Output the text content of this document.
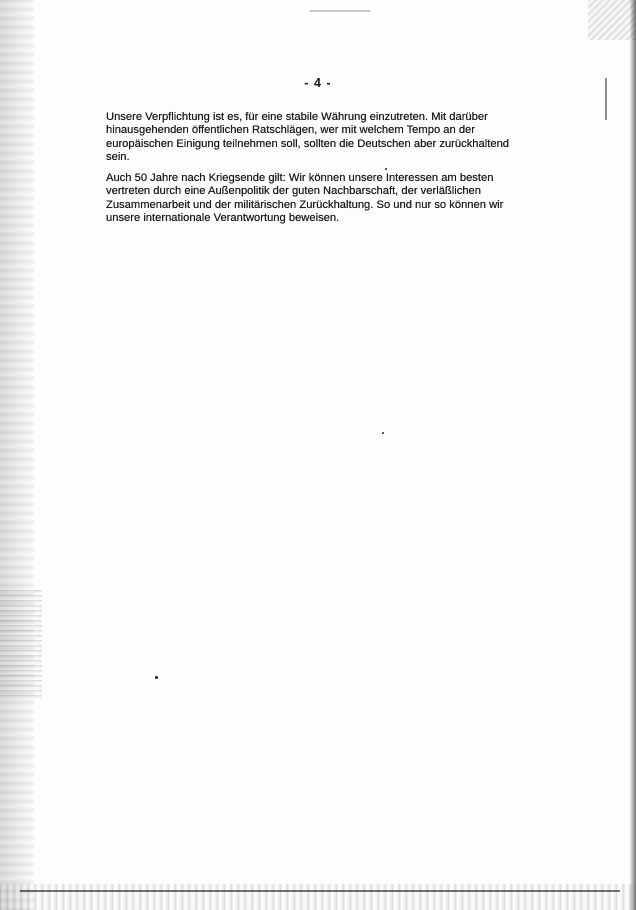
- 4 -
Unsere Verpflichtung ist es, für eine stabile Währung einzutreten. Mit darüber
hinausgehenden öffentlichen Ratschlägen, wer mit welchem Tempo an der
europäischen Einigung teilnehmen soll, sollten die Deutschen aber zurückhaltend
sein.
Auch 50 Jahre nach Kriegsende gilt: Wir können unsere Interessen am besten
vertreten durch eine Außenpolitik der guten Nachbarschaft, der verläßlichen
Zusammenarbeit und der militärischen Zurückhaltung. So und nur so können wir
unsere internationale Verantwortung beweisen.
